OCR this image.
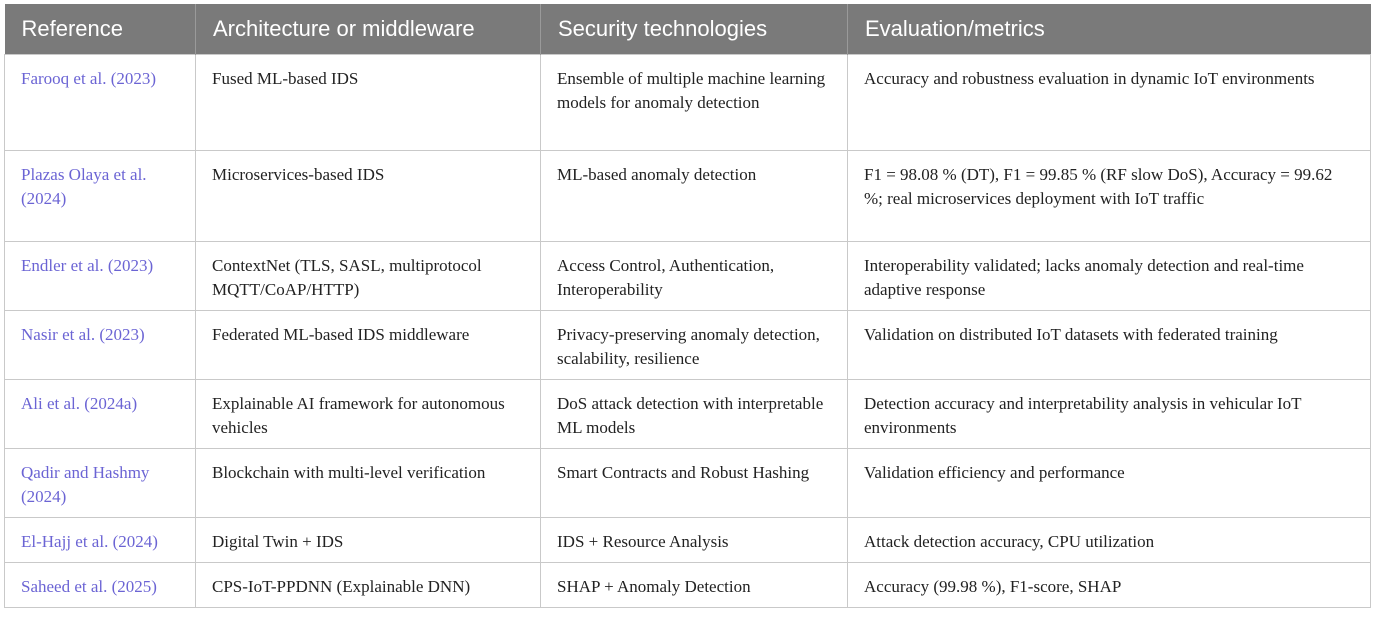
Reference	Architecture or middleware	Security technologies	Evaluation/metrics
Farooq et al. (2023)	Fused ML-based IDS	Ensemble of multiple machine learning models for anomaly detection	Accuracy and robustness evaluation in dynamic IoT environments
Plazas Olaya et al. (2024)	Microservices-based IDS	ML-based anomaly detection	F1 = 98.08 % (DT), F1 = 99.85 % (RF slow DoS), Accuracy = 99.62 %; real microservices deployment with IoT traffic
Endler et al. (2023)	ContextNet (TLS, SASL, multiprotocol MQTT/CoAP/HTTP)	Access Control, Authentication, Interoperability	Interoperability validated; lacks anomaly detection and real-time adaptive response
Nasir et al. (2023)	Federated ML-based IDS middleware	Privacy-preserving anomaly detection, scalability, resilience	Validation on distributed IoT datasets with federated training
Ali et al. (2024a)	Explainable AI framework for autonomous vehicles	DoS attack detection with interpretable ML models	Detection accuracy and interpretability analysis in vehicular IoT environments
Qadir and Hashmy (2024)	Blockchain with multi-level verification	Smart Contracts and Robust Hashing	Validation efficiency and performance
El-Hajj et al. (2024)	Digital Twin + IDS	IDS + Resource Analysis	Attack detection accuracy, CPU utilization
Saheed et al. (2025)	CPS-IoT-PPDNN (Explainable DNN)	SHAP + Anomaly Detection	Accuracy (99.98 %), F1-score, SHAP
